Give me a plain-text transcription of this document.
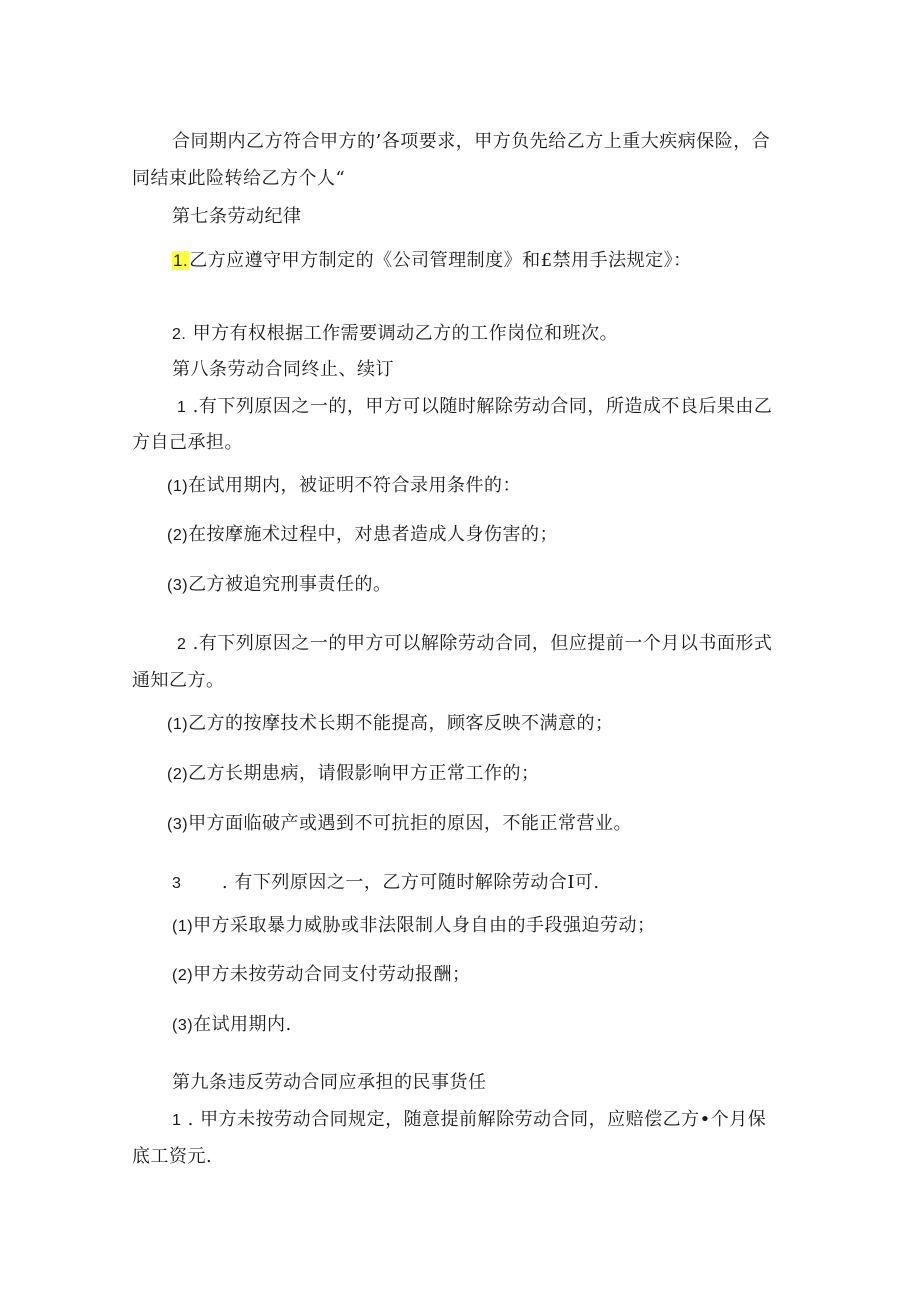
合同期内乙方符合甲方的’各项要求，甲方负先给乙方上重大疾病保险，合
同结束此险转给乙方个人“
第七条劳动纪律
1.乙方应遵守甲方制定的《公司管理制度》和£禁用手法规定》：
2. 甲方有权根据工作需要调动乙方的工作岗位和班次。
第八条劳动合同终止、续订
1 .有下列原因之一的，甲方可以随时解除劳动合同，所造成不良后果由乙
方自己承担。
(1)在试用期内，被证明不符合录用条件的：
(2)在按摩施术过程中，对患者造成人身伤害的；
(3)乙方被追究刑事责任的。
2 .有下列原因之一的甲方可以解除劳动合同，但应提前一个月以书面形式
通知乙方。
(1)乙方的按摩技术长期不能提高，顾客反映不满意的；
(2)乙方长期患病，请假影响甲方正常工作的；
(3)甲方面临破产或遇到不可抗拒的原因，不能正常营业。
3 . 有下列原因之一，乙方可随时解除劳动合I可.
(1)甲方采取暴力威胁或非法限制人身自由的手段强迫劳动；
(2)甲方未按劳动合同支付劳动报酬；
(3)在试用期内.
第九条违反劳动合同应承担的民事货任
1 . 甲方未按劳动合同规定，随意提前解除劳动合同，应赔偿乙方•个月保
底工资元.
